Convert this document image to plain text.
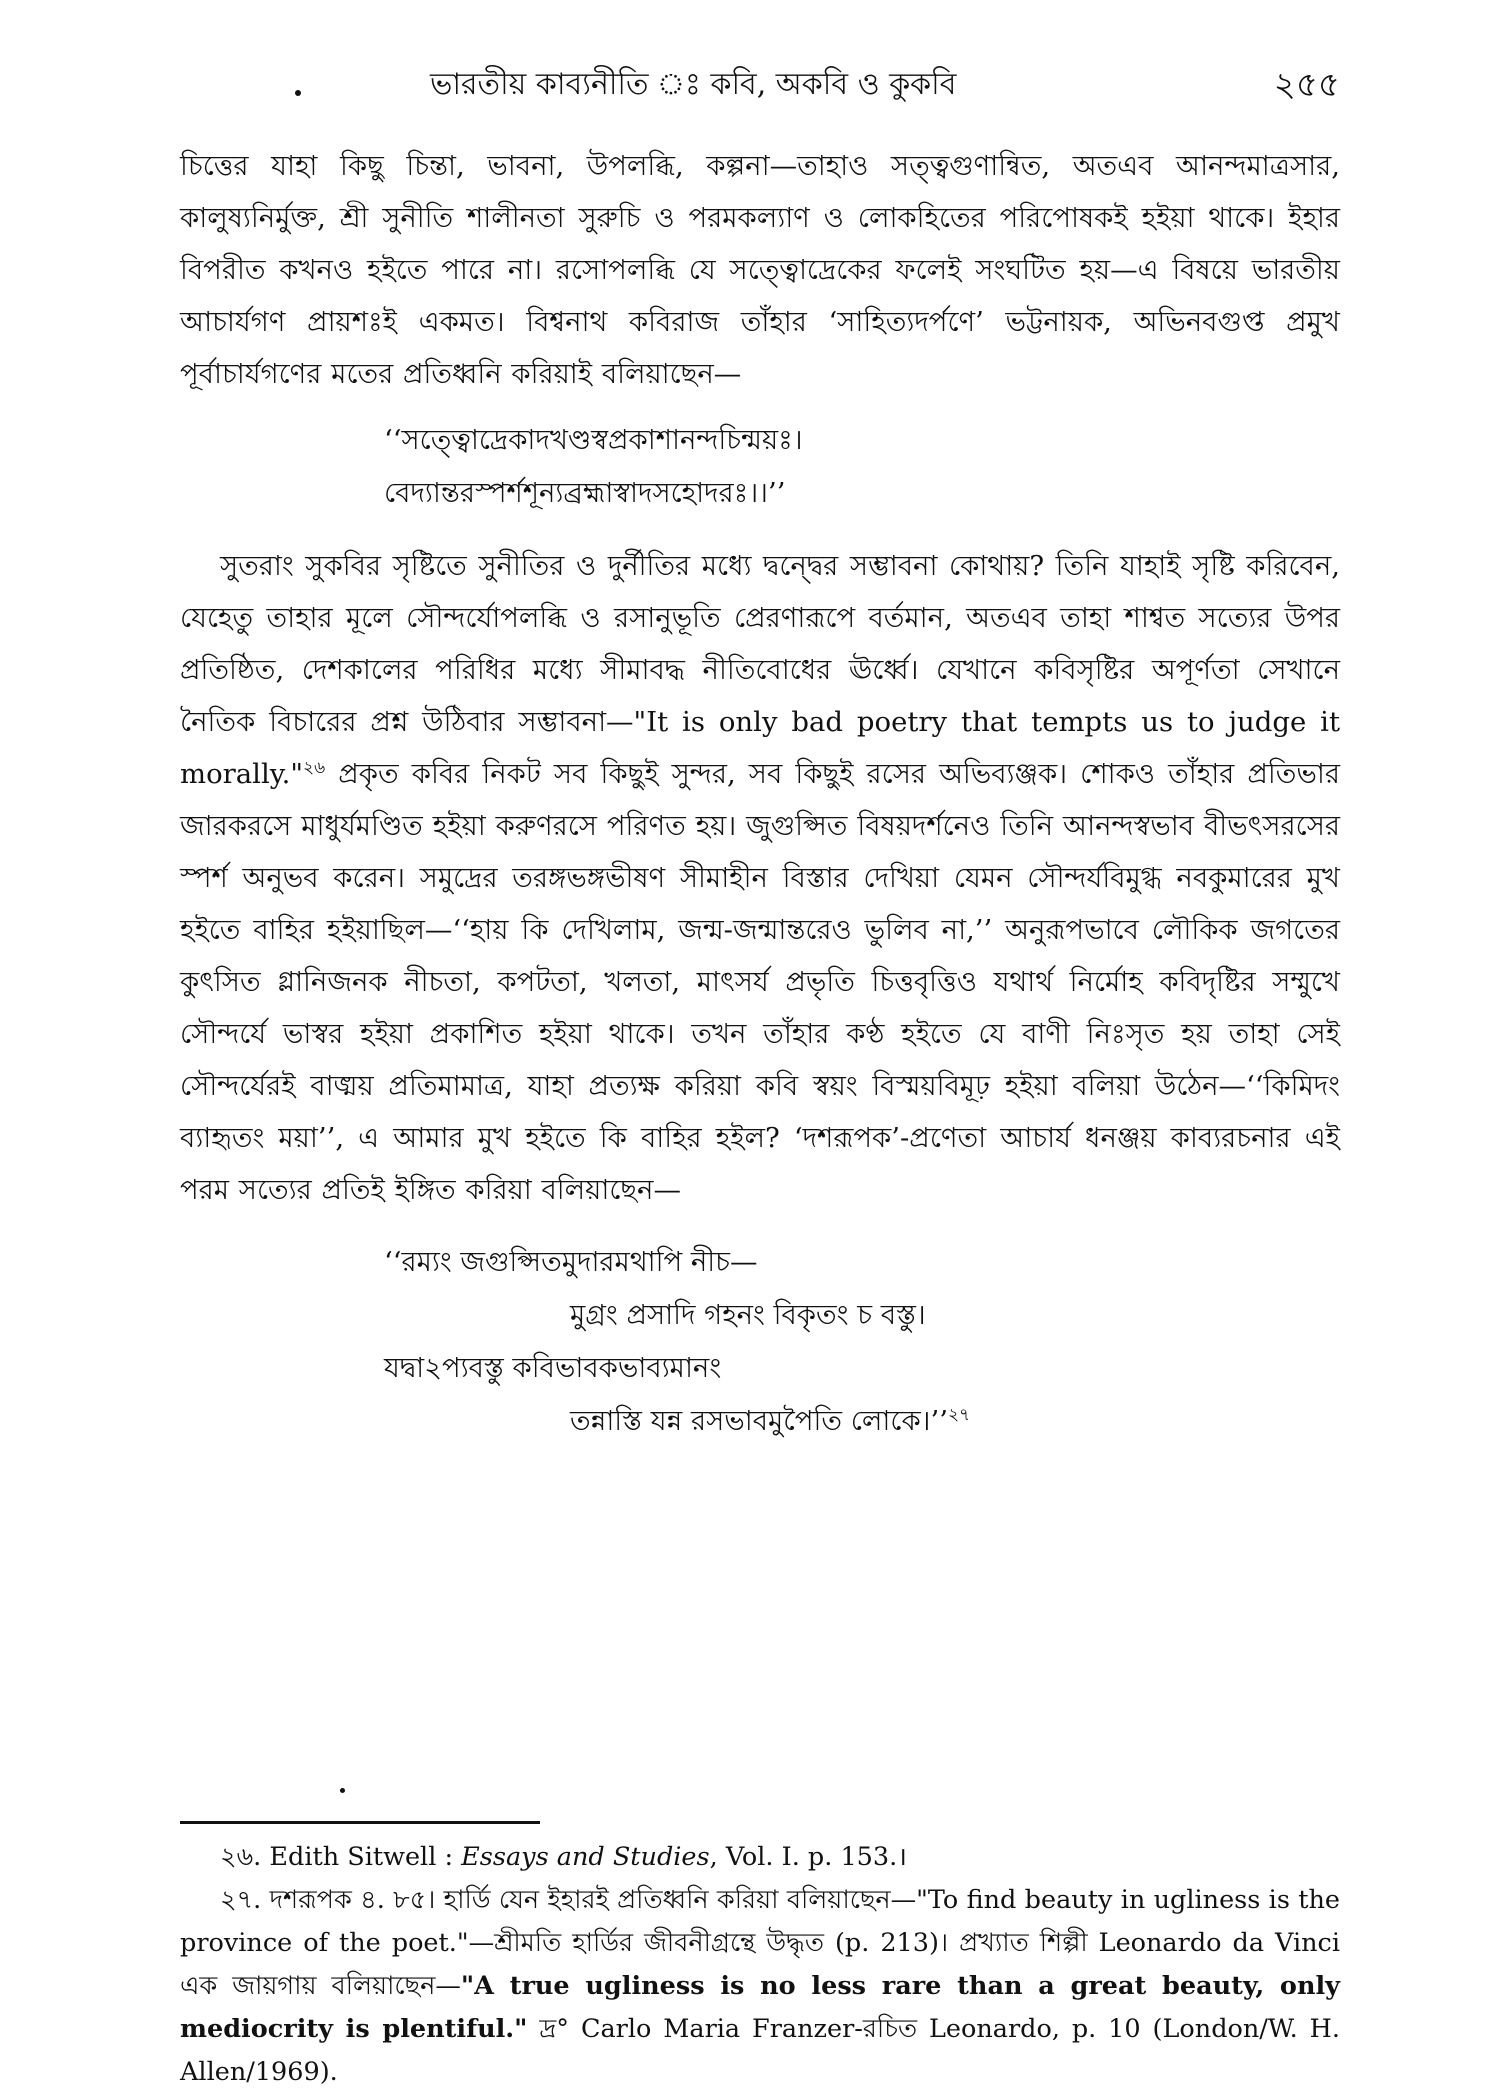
ভারতীয় কাব্যনীতি ঃ কবি, অকবি ও কুকবি	২৫৫

চিত্তের যাহা কিছু চিন্তা, ভাবনা, উপলব্ধি, কল্পনা—তাহাও সত্ত্বগুণান্বিত, অতএব আনন্দমাত্রসার, কালুষ্যনির্মুক্ত, শ্রী সুনীতি শালীনতা সুরুচি ও পরমকল্যাণ ও লোকহিতের পরিপোষকই হইয়া থাকে। ইহার বিপরীত কখনও হইতে পারে না। রসোপলব্ধি যে সত্ত্বোদ্রেকের ফলেই সংঘটিত হয়—এ বিষয়ে ভারতীয় আচার্যগণ প্রায়শঃই একমত। বিশ্বনাথ কবিরাজ তাঁহার ‘সাহিত্যদর্পণে’ ভট্টনায়ক, অভিনবগুপ্ত প্রমুখ পূর্বাচার্যগণের মতের প্রতিধ্বনি করিয়াই বলিয়াছেন—

‘‘সত্ত্বোদ্রেকাদখণ্ডস্বপ্রকাশানন্দচিন্ময়ঃ।
বেদ্যান্তরস্পর্শশূন্যব্রহ্মাস্বাদসহোদরঃ।।’’

সুতরাং সুকবির সৃষ্টিতে সুনীতির ও দুর্নীতির মধ্যে দ্বন্দ্বের সম্ভাবনা কোথায়? তিনি যাহাই সৃষ্টি করিবেন, যেহেতু তাহার মূলে সৌন্দর্যোপলব্ধি ও রসানুভূতি প্রেরণারূপে বর্তমান, অতএব তাহা শাশ্বত সত্যের উপর প্রতিষ্ঠিত, দেশকালের পরিধির মধ্যে সীমাবদ্ধ নীতিবোধের ঊর্ধ্বে। যেখানে কবিসৃষ্টির অপূর্ণতা সেখানে নৈতিক বিচারের প্রশ্ন উঠিবার সম্ভাবনা—"It is only bad poetry that tempts us to judge it morally."$^{২৬}$ প্রকৃত কবির নিকট সব কিছুই সুন্দর, সব কিছুই রসের অভিব্যঞ্জক। শোকও তাঁহার প্রতিভার জারকরসে মাধুর্যমণ্ডিত হইয়া করুণরসে পরিণত হয়। জুগুপ্সিত বিষয়দর্শনেও তিনি আনন্দস্বভাব বীভৎসরসের স্পর্শ অনুভব করেন। সমুদ্রের তরঙ্গভঙ্গভীষণ সীমাহীন বিস্তার দেখিয়া যেমন সৌন্দর্যবিমুগ্ধ নবকুমারের মুখ হইতে বাহির হইয়াছিল—‘‘হায় কি দেখিলাম, জন্ম-জন্মান্তরেও ভুলিব না,’’ অনুরূপভাবে লৌকিক জগতের কুৎসিত গ্লানিজনক নীচতা, কপটতা, খলতা, মাৎসর্য প্রভৃতি চিত্তবৃত্তিও যথার্থ নির্মোহ কবিদৃষ্টির সম্মুখে সৌন্দর্যে ভাস্বর হইয়া প্রকাশিত হইয়া থাকে। তখন তাঁহার কণ্ঠ হইতে যে বাণী নিঃসৃত হয় তাহা সেই সৌন্দর্যেরই বাঙ্ময় প্রতিমামাত্র, যাহা প্রত্যক্ষ করিয়া কবি স্বয়ং বিস্ময়বিমূঢ় হইয়া বলিয়া উঠেন—‘‘কিমিদং ব্যাহৃতং ময়া’’, এ আমার মুখ হইতে কি বাহির হইল? ‘দশরূপক’-প্রণেতা আচার্য ধনঞ্জয় কাব্যরচনার এই পরম সত্যের প্রতিই ইঙ্গিত করিয়া বলিয়াছেন—

‘‘রম্যং জগুপ্সিতমুদারমথাপি নীচ—
মুগ্রং প্রসাদি গহনং বিকৃতং চ বস্তু।
যদ্বা২প্যবস্তু কবিভাবকভাব্যমানং
তন্নাস্তি যন্ন রসভাবমুপৈতি লোকে।’’$^{২৭}$

২৬. Edith Sitwell : Essays and Studies, Vol. I. p. 153.।

২৭. দশরূপক ৪. ৮৫। হার্ডি যেন ইহারই প্রতিধ্বনি করিয়া বলিয়াছেন—"To find beauty in ugliness is the province of the poet."—শ্রীমতি হার্ডির জীবনীগ্রন্থে উদ্ধৃত (p. 213)। প্রখ্যাত শিল্পী Leonardo da Vinci এক জায়গায় বলিয়াছেন—"A true ugliness is no less rare than a great beauty, only mediocrity is plentiful." দ্র° Carlo Maria Franzer-রচিত Leonardo, p. 10 (London/W. H. Allen/1969).
